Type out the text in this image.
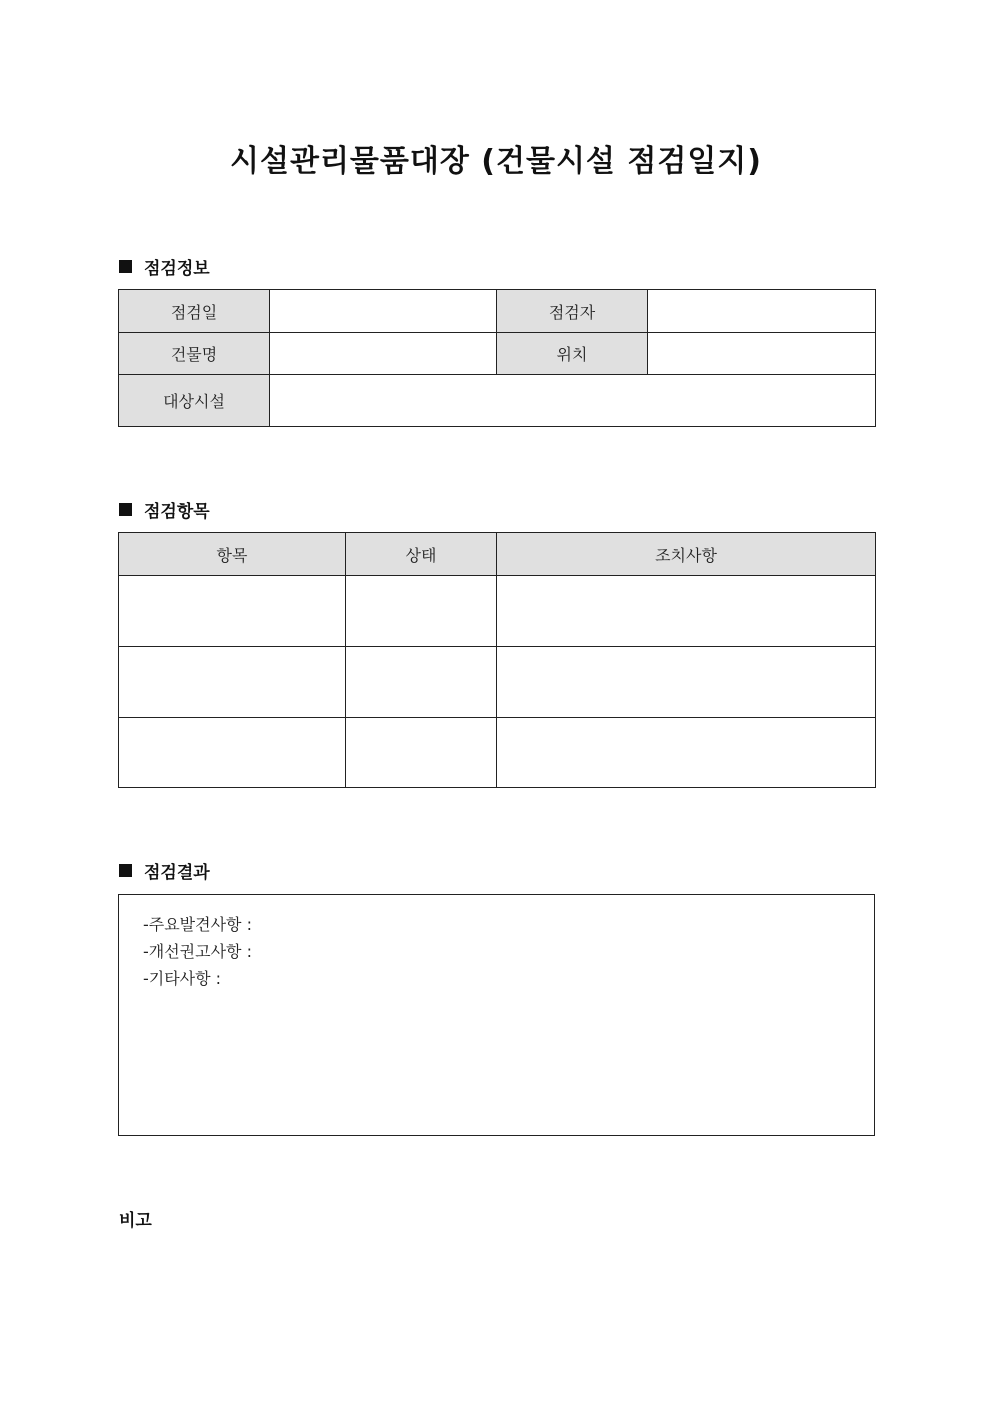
시설관리물품대장 (건물시설 점검일지)
점검정보
점검일		점검자	
건물명		위치	
대상시설			
점검항목
항목	상태	조치사항

점검결과
-주요발견사항 :
-개선권고사항 :
-기타사항 :
비고
